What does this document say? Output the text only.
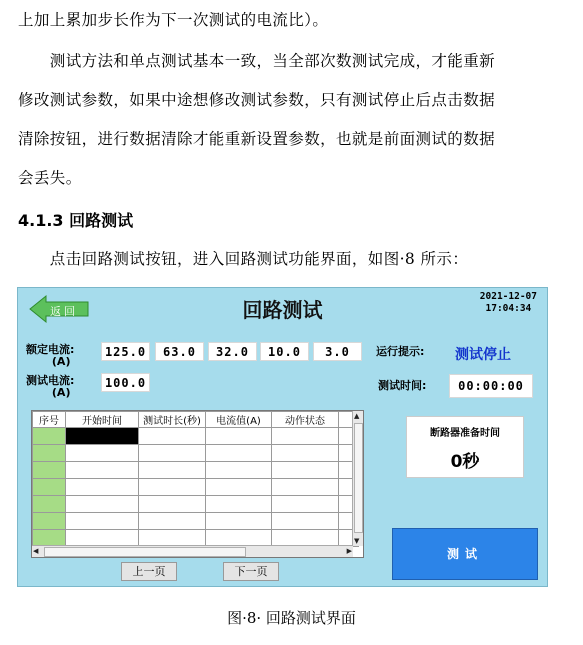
上加上累加步长作为下一次测试的电流比）。
　　测试方法和单点测试基本一致，当全部次数测试完成，才能重新
修改测试参数，如果中途想修改测试参数，只有测试停止后点击数据
清除按钮，进行数据清除才能重新设置参数，也就是前面测试的数据
会丢失。
4.1.3 回路测试
　　点击回路测试按钮，进入回路测试功能界面，如图·8 所示：
返回	回路测试
2021-12-07
17:04:34
额定电流:
(A)
125.0	63.0	32.0	10.0	3.0
测试电流:
(A)
100.0
运行提示: 测试停止
测试时间:	00:00:00
序号	开始时间	测试时长(秒)	电流值(A)	动作状态	

						▲
▼
◀	▶
上一页	下一页
断路器准备时间
0秒
测试
图·8· 回路测试界面
